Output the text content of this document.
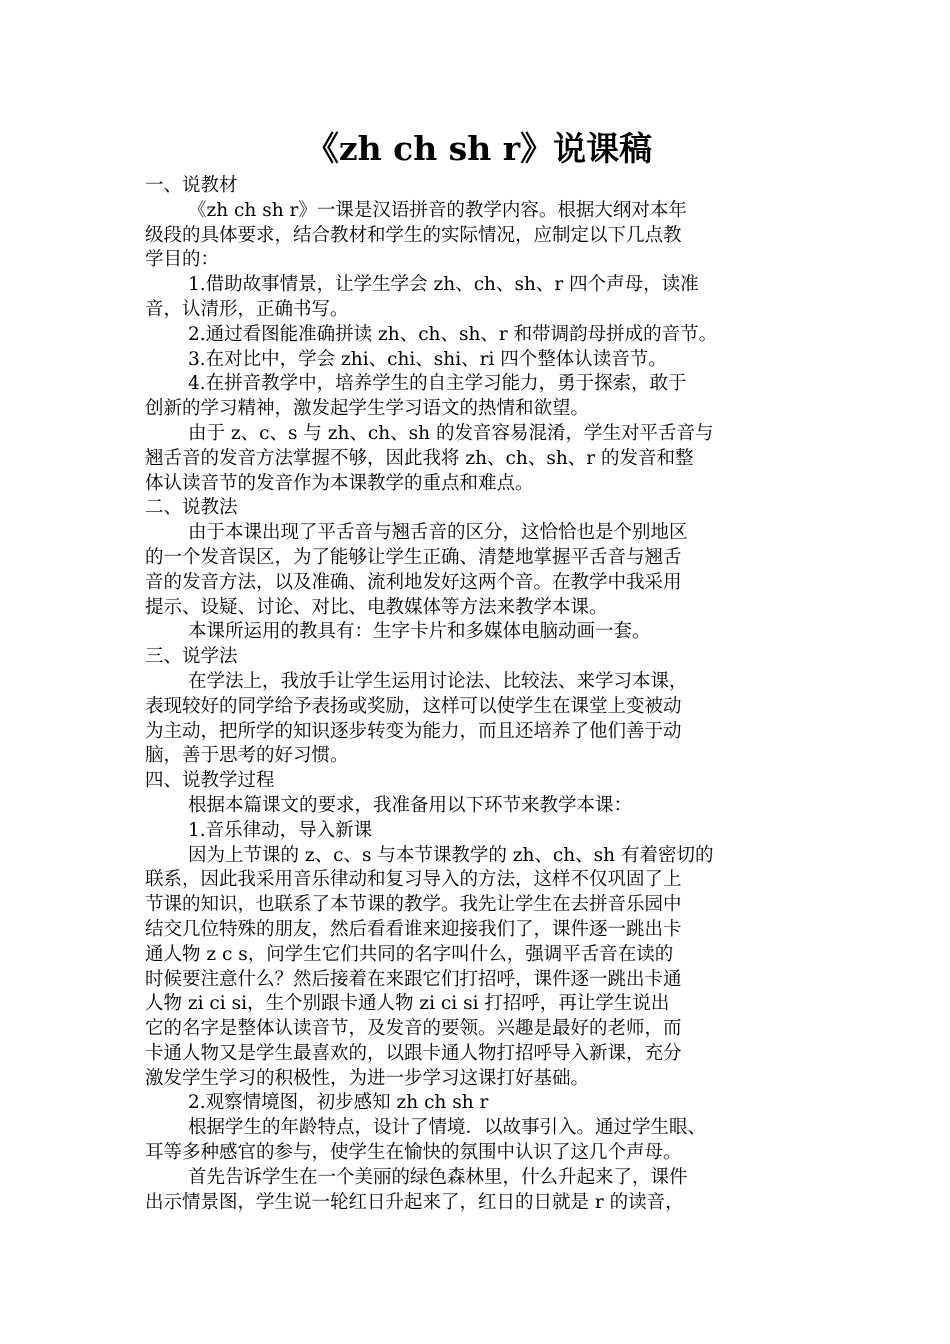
《zh ch sh r》说课稿
一、说教材
《zh ch sh r》一课是汉语拼音的教学内容。根据大纲对本年
级段的具体要求，结合教材和学生的实际情况，应制定以下几点教
学目的：
1.借助故事情景，让学生学会 zh、ch、sh、r 四个声母，读准
音，认清形，正确书写。
2.通过看图能准确拼读 zh、ch、sh、r 和带调韵母拼成的音节。
3.在对比中，学会 zhi、chi、shi、ri 四个整体认读音节。
4.在拼音教学中，培养学生的自主学习能力，勇于探索，敢于
创新的学习精神，激发起学生学习语文的热情和欲望。
由于 z、c、s 与 zh、ch、sh 的发音容易混淆，学生对平舌音与
翘舌音的发音方法掌握不够，因此我将 zh、ch、sh、r 的发音和整
体认读音节的发音作为本课教学的重点和难点。
二、说教法
由于本课出现了平舌音与翘舌音的区分，这恰恰也是个别地区
的一个发音误区，为了能够让学生正确、清楚地掌握平舌音与翘舌
音的发音方法，以及准确、流利地发好这两个音。在教学中我采用
提示、设疑、讨论、对比、电教媒体等方法来教学本课。
本课所运用的教具有：生字卡片和多媒体电脑动画一套。
三、说学法
在学法上，我放手让学生运用讨论法、比较法、来学习本课，
表现较好的同学给予表扬或奖励，这样可以使学生在课堂上变被动
为主动，把所学的知识逐步转变为能力，而且还培养了他们善于动
脑，善于思考的好习惯。
四、说教学过程
根据本篇课文的要求，我准备用以下环节来教学本课：
1.音乐律动，导入新课
因为上节课的 z、c、s 与本节课教学的 zh、ch、sh 有着密切的
联系，因此我采用音乐律动和复习导入的方法，这样不仅巩固了上
节课的知识，也联系了本节课的教学。我先让学生在去拼音乐园中
结交几位特殊的朋友，然后看看谁来迎接我们了，课件逐一跳出卡
通人物 z c s，问学生它们共同的名字叫什么，强调平舌音在读的
时候要注意什么？然后接着在来跟它们打招呼，课件逐一跳出卡通
人物 zi ci si，生个别跟卡通人物 zi ci si 打招呼，再让学生说出
它的名字是整体认读音节，及发音的要领。兴趣是最好的老师，而
卡通人物又是学生最喜欢的，以跟卡通人物打招呼导入新课，充分
激发学生学习的积极性，为进一步学习这课打好基础。
2.观察情境图，初步感知 zh ch sh r
根据学生的年龄特点，设计了情境．以故事引入。通过学生眼、
耳等多种感官的参与，使学生在愉快的氛围中认识了这几个声母。
首先告诉学生在一个美丽的绿色森林里，什么升起来了，课件
出示情景图，学生说一轮红日升起来了，红日的日就是 r 的读音，
